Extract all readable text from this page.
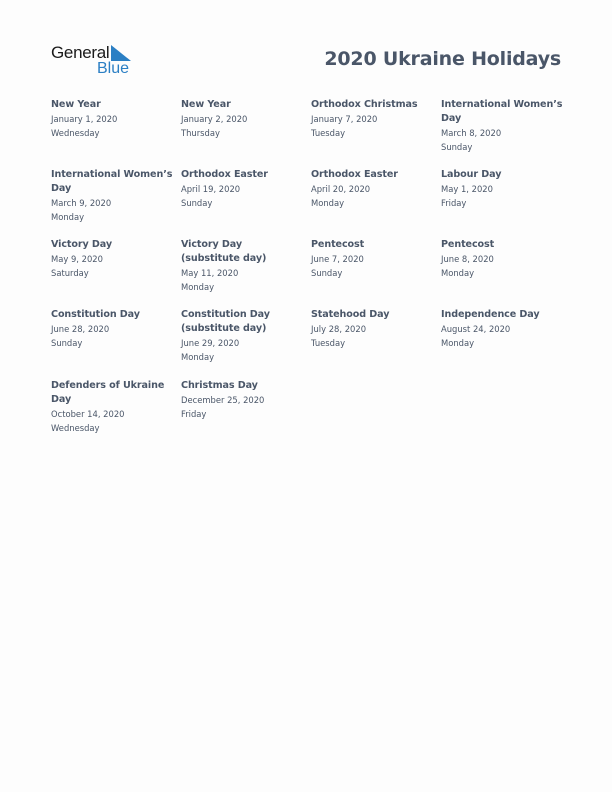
General
Blue	2020 Ukraine Holidays
New Year
January 1, 2020
Wednesday
New Year
January 2, 2020
Thursday
Orthodox Christmas
January 7, 2020
Tuesday
International Women’s Day
March 8, 2020
Sunday
International Women’s Day
March 9, 2020
Monday
Orthodox Easter
April 19, 2020
Sunday
Orthodox Easter
April 20, 2020
Monday
Labour Day
May 1, 2020
Friday
Victory Day
May 9, 2020
Saturday
Victory Day (substitute day)
May 11, 2020
Monday
Pentecost
June 7, 2020
Sunday
Pentecost
June 8, 2020
Monday
Constitution Day
June 28, 2020
Sunday
Constitution Day (substitute day)
June 29, 2020
Monday
Statehood Day
July 28, 2020
Tuesday
Independence Day
August 24, 2020
Monday
Defenders of Ukraine Day
October 14, 2020
Wednesday
Christmas Day
December 25, 2020
Friday
